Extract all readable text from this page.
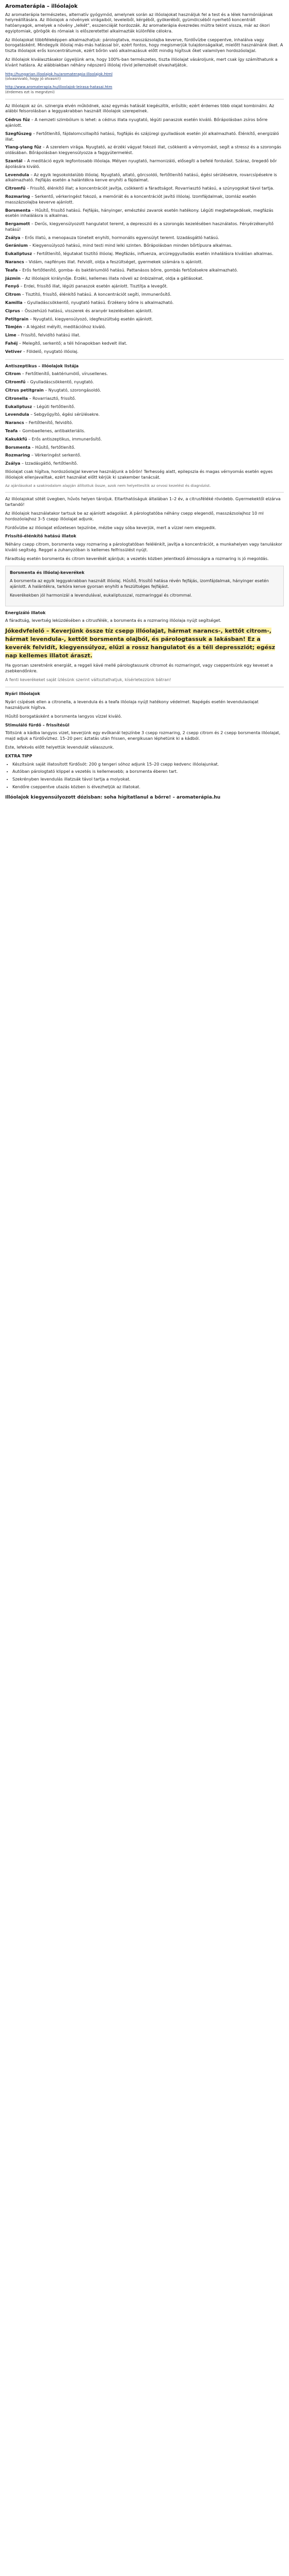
Aromaterápia – illóolajok

Az aromaterápia természetes, alternatív gyógymód, amelynek során az illóolajokat használjuk fel a test és a lélek harmóniájának helyreállítására. Az illóolajok a növények virágaiból, leveleiből, kérgéből, gyökeréből, gyümölcséből nyerhető koncentrált hatóanyagok, amelyek a növény „lelkét”, esszenciáját hordozzák. Az aromaterápia évezredes múltra tekint vissza, már az ókori egyiptomiak, görögök és rómaiak is előszeretettel alkalmazták különféle célokra.

Az illóolajokat többféleképpen alkalmazhatjuk: párologtatva, masszázsolajba keverve, fürdővízbe cseppentve, inhalálva vagy borogatásként. Mindegyik illóolaj más-más hatással bír, ezért fontos, hogy megismerjük tulajdonságaikat, mielőtt használnánk őket. A tiszta illóolajok erős koncentrátumok, ezért bőrön való alkalmazásuk előtt mindig hígítsuk őket valamilyen hordozóolajjal.

Az illóolajok kiválasztásakor ügyeljünk arra, hogy 100%-ban természetes, tiszta illóolajat vásároljunk, mert csak így számíthatunk a kívánt hatásra. Az alábbiakban néhány népszerű illóolaj rövid jellemzését olvashatjátok.

http://hungarian.illoolajok.hu/aromaterapia-illoolajok.html
(olvasnivaló, hogy jó olvasni!)

http://www.aromaterapia.hu/illoolajok-leirasa-hatasai.htm
(érdemes ezt is megnézni)

Az illóolajok az ún. szinergia elvén működnek, azaz egymás hatását kiegészítik, erősítik; ezért érdemes több olajat kombinálni. Az alábbi felsorolásban a leggyakrabban használt illóolajok szerepelnek.

Cédrus fűz – A nemzeti szimbólum is lehet: a cédrus illata nyugtató, légúti panaszok esetén kiváló. Bőrápolásban zsíros bőrre ajánlott.

Szegfűszeg – Fertőtlenítő, fájdalomcsillapító hatású, fogfájás és szájüregi gyulladások esetén jól alkalmazható. Élénkítő, energizáló illat.

Ylang-ylang fűz – A szerelem virága. Nyugtató, az érzéki vágyat fokozó illat, csökkenti a vérnyomást, segít a stressz és a szorongás oldásában. Bőrápolásban kiegyensúlyozza a faggyútermelést.

Szantál – A meditáció egyik legfontosabb illóolaja. Mélyen nyugtató, harmonizáló, elősegíti a befelé fordulást. Száraz, öregedő bőr ápolására kiváló.

Levendula – Az egyik legsokoldalúbb illóolaj. Nyugtató, altató, görcsoldó, fertőtlenítő hatású, égési sérülésekre, rovarcsípésekre is alkalmazható. Fejfájás esetén a halántékra kenve enyhíti a fájdalmat.

Citromfű – Frissítő, élénkítő illat; a koncentrációt javítja, csökkenti a fáradtságot. Rovarriasztó hatású, a szúnyogokat távol tartja.

Rozmaring – Serkentő, vérkeringést fokozó, a memóriát és a koncentrációt javító illóolaj. Izomfájdalmak, izomláz esetén masszázsolajba keverve ajánlott.

Borsmenta – Hűsítő, frissítő hatású. Fejfájás, hányinger, emésztési zavarok esetén hatékony. Légúti megbetegedések, megfázás esetén inhalálásra is alkalmas.

Bergamott – Derűs, kiegyensúlyozott hangulatot teremt, a depresszió és a szorongás kezelésében használatos. Fényérzékenyítő hatású!

Zsálya – Erős illatú, a menopauza tüneteit enyhíti, hormonális egyensúlyt teremt. Izzadásgátló hatású.

Geránium – Kiegyensúlyozó hatású, mind testi mind lelki szinten. Bőrápolásban minden bőrtípusra alkalmas.

Eukaliptusz – Fertőtlenítő, légutakat tisztító illóolaj. Megfázás, influenza, arcüreggyulladás esetén inhalálásra kiválóan alkalmas.

Narancs – Vidám, napfényes illat. Felvidít, oldja a feszültséget, gyermekek számára is ajánlott.

Teafa – Erős fertőtlenítő, gomba- és baktériumölő hatású. Pattanásos bőrre, gombás fertőzésekre alkalmazható.

Jázmin – Az illóolajok királynője. Érzéki, kellemes illata növeli az önbizalmat, oldja a gátlásokat.

Fenyő – Erdei, frissítő illat, légúti panaszok esetén ajánlott. Tisztítja a levegőt.

Citrom – Tisztító, frissítő, élénkítő hatású. A koncentrációt segíti, immunerősítő.

Kamilla – Gyulladáscsökkentő, nyugtató hatású. Érzékeny bőrre is alkalmazható.

Ciprus – Összehúzó hatású, visszerek és aranyér kezelésében ajánlott.

Petitgrain – Nyugtató, kiegyensúlyozó, idegfeszültség esetén ajánlott.

Tömjén – A légzést mélyíti, meditációhoz kiváló.

Lime – Frissítő, felvidító hatású illat.

Fahéj – Melegítő, serkentő; a téli hónapokban kedvelt illat.

Vetiver – Földelő, nyugtató illóolaj.

Antiszeptikus – illóolajok listája

Citrom – Fertőtlenítő, baktériumölő, vírusellenes.

Citromfű – Gyulladáscsökkentő, nyugtató.

Citrus petitgrain – Nyugtató, szorongásoldó.

Citronella – Rovarriasztó, frissítő.

Eukaliptusz – Légúti fertőtlenítő.

Levendula – Sebgyógyító, égési sérülésekre.

Narancs – Fertőtlenítő, felvidító.

Teafa – Gombaellenes, antibakteriális.

Kakukkfű – Erős antiszeptikus, immunerősítő.

Borsmenta – Hűsítő, fertőtlenítő.

Rozmaring – Vérkeringést serkentő.

Zsálya – Izzadásgátló, fertőtlenítő.

Illóolajat csak hígítva, hordozóolajjal keverve használjunk a bőrön! Terhesség alatt, epilepszia és magas vérnyomás esetén egyes illóolajok ellenjavalltak, ezért használat előtt kérjük ki szakember tanácsát.

Az ajánlásokat a szakirodalom alapján állítottuk össze, azok nem helyettesítik az orvosi kezelést és diagnózist.

Az illóolajokat sötét üvegben, hűvös helyen tároljuk. Eltarthatóságuk általában 1–2 év, a citrusféléké rövidebb. Gyermekektől elzárva tartandó!

Az illóolajok használatakor tartsuk be az ajánlott adagolást. A párologtatóba néhány csepp elegendő, masszázsolajhoz 10 ml hordozóolajhoz 3–5 csepp illóolajat adjunk.

Fürdővízbe az illóolajat előzetesen tejszínbe, mézbe vagy sóba keverjük, mert a vízzel nem elegyedik.

Frissítő-élénkítő hatású illatok

Néhány csepp citrom, borsmenta vagy rozmaring a párologtatóban felélénkít, javítja a koncentrációt, a munkahelyen vagy tanuláskor kiváló segítség. Reggel a zuhanyzóban is kellemes felfrissülést nyújt.

Fáradtság esetén borsmenta és citrom keverékét ajánljuk; a vezetés közben jelentkező álmosságra a rozmaring is jó megoldás.

Borsmenta és illóolaj-keverékek

A borsmenta az egyik leggyakrabban használt illóolaj. Hűsítő, frissítő hatása révén fejfájás, izomfájdalmak, hányinger esetén ajánlott. A halántékra, tarkóra kenve gyorsan enyhíti a feszültséges fejfájást.

Keverékekben jól harmonizál a levendulával, eukaliptusszal, rozmaringgal és citrommal.

Energizáló illatok

A fáradtság, levertség leküzdésében a citrusfélék, a borsmenta és a rozmaring illóolaja nyújt segítséget.

Jókedvfelelő – Keverjünk össze tíz csepp illóolajat, hármat narancs-, kettőt citrom-, hármat levendula-, kettőt borsmenta olajból, és párologtassuk a lakásban! Ez a keverék felvidít, kiegyensúlyoz, elűzi a rossz hangulatot és a téli depressziót; egész nap kellemes illatot áraszt.

Ha gyorsan szeretnénk energiát, a reggeli kávé mellé párologtassunk citromot és rozmaringot, vagy cseppentsünk egy keveset a zsebkendőnkre.

A fenti keverékeket saját ízlésünk szerint változtathatjuk, kísérletezzünk bátran!

Nyári illóolajok

Nyári csípések ellen a citronella, a levendula és a teafa illóolaja nyújt hatékony védelmet. Napégés esetén levendulaolajat használjunk hígítva.

Hűsítő borogatásként a borsmenta langyos vízzel kiváló.

Stimuláló fürdő – frissítésül

Töltsünk a kádba langyos vizet, keverjünk egy evőkanál tejszínbe 3 csepp rozmaring, 2 csepp citrom és 2 csepp borsmenta illóolajat, majd adjuk a fürdővízhez. 15–20 perc áztatás után frissen, energikusan léphetünk ki a kádból.

Este, lefekvés előtt helyettük levendulát válasszunk.

EXTRA TIPP

• Készítsünk saját illatosított fürdősót: 200 g tengeri sóhoz adjunk 15–20 csepp kedvenc illóolajunkat.
• Autóban párologtató klippel a vezetés is kellemesebb; a borsmenta éberen tart.
• Szekrényben levendulás illatzsák távol tartja a molyokat.
• Kendőre cseppentve utazás közben is élvezhetjük az illatokat.
Illóolajok kiegyensúlyozott dózisban: soha hígítatlanul a bőrre! – aromaterápia.hu
